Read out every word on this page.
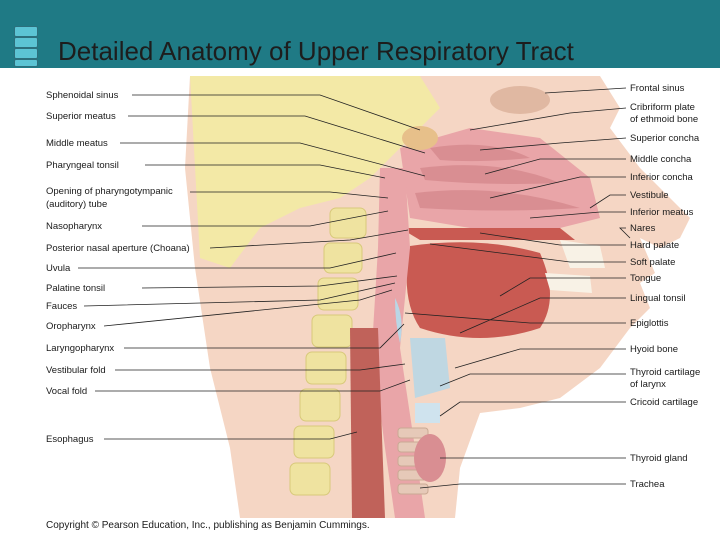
Detailed Anatomy of Upper Respiratory Tract
Sphenoidal sinus
Superior meatus
Middle meatus
Pharyngeal tonsil
Opening of pharyngotympanic
(auditory) tube
Nasopharynx
Posterior nasal aperture (Choana)
Uvula
Palatine tonsil
Fauces
Oropharynx
Laryngopharynx
Vestibular fold
Vocal fold
Esophagus
Frontal sinus
Cribriform plate
of ethmoid bone
Superior concha
Middle concha
Inferior concha
Vestibule
Inferior meatus
Nares
Hard palate
Soft palate
Tongue
Lingual tonsil
Epiglottis
Hyoid bone
Thyroid cartilage
of larynx
Cricoid cartilage
Thyroid gland
Trachea
Copyright © Pearson Education, Inc., publishing as Benjamin Cummings.
